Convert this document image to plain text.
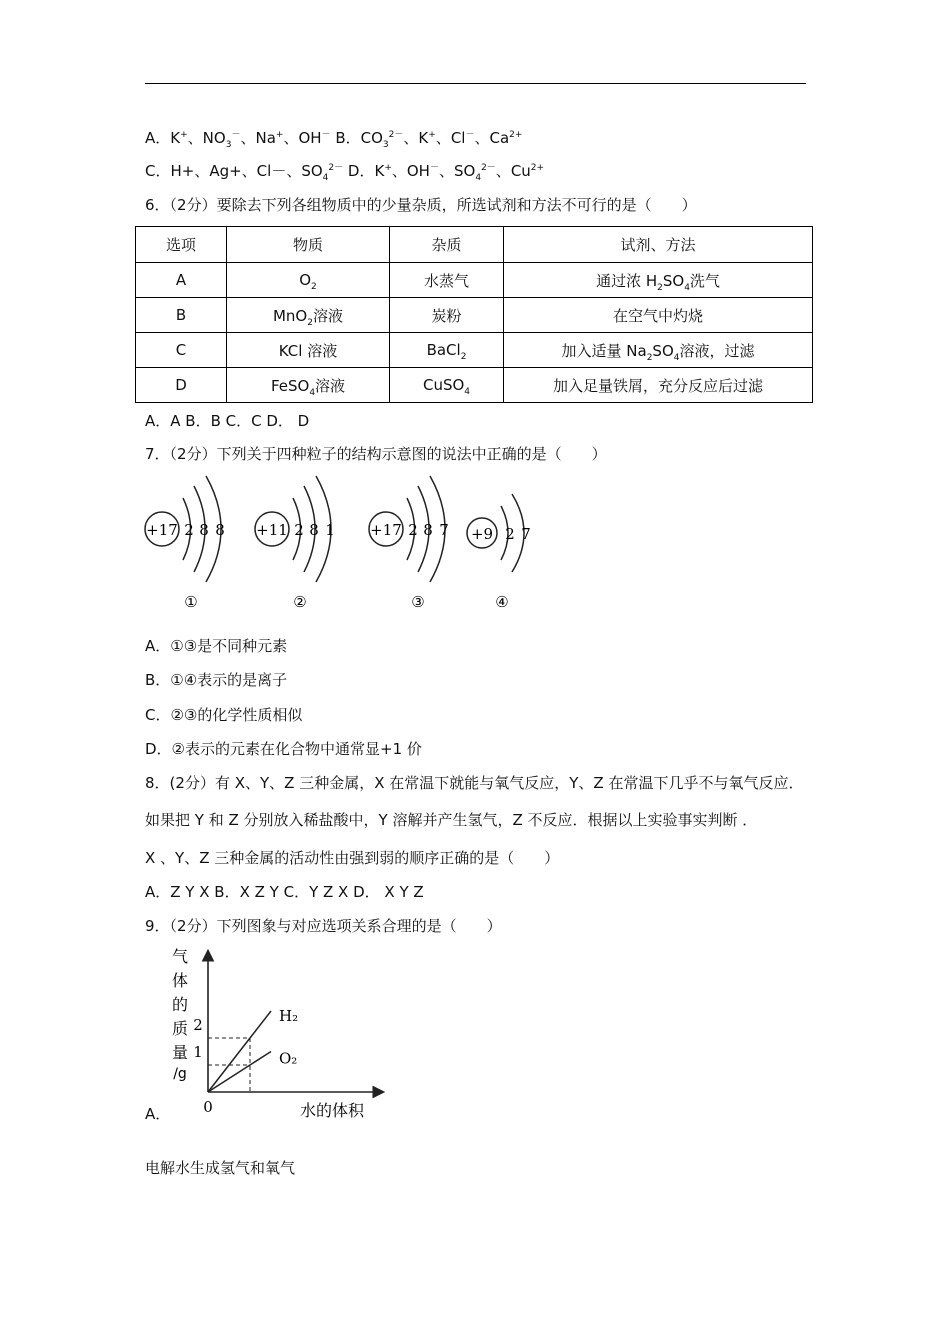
A．K+、$NO_3^-$、Na+、OH－ B．$CO_3^{2-}$、K+、Cl－、$Ca^{2+}$
C．H+、Ag+、Cl－、$SO_4^{2-}$ D．K+、OH－、$SO_4^{2-}$、$Cu^{2+}$
6．（2分）要除去下列各组物质中的少量杂质，所选试剂和方法不可行的是（　　）
选项	物质	杂质	试剂、方法
A	$O_2$	水蒸气	通过浓 $H_2SO_4$洗气
B	MnO$_2$溶液	炭粉	在空气中灼烧
C	KCl 溶液	BaCl$_2$	加入适量 $Na_2SO_4$溶液，过滤
D	FeSO$_4$溶液	CuSO$_4$	加入足量铁屑，充分反应后过滤
A．A B．B C．C D． D
7．（2分）下列关于四种粒子的结构示意图的说法中正确的是（　　）
+17 2 8 8
①
+11 2 8 1
②
+17 2 8 7
③
+9 2 7
④
A．①③是不同种元素
B．①④表示的是离子
C．②③的化学性质相似
D．②表示的元素在化合物中通常显+1 价
8．(2分）有 X、Y、Z 三种金属，X 在常温下就能与氧气反应，Y、Z 在常温下几乎不与氧气反应．
如果把 Y 和 Z 分别放入稀盐酸中，Y 溶解并产生氢气，Z 不反应．根据以上实验事实判断 ．
X 、Y、Z 三种金属的活动性由强到弱的顺序正确的是（　　）
A．Z Y X B．X Z Y C．Y Z X D． X Y Z
9．（2分）下列图象与对应选项关系合理的是（　　）
气
体
的
质
量
/g
2
1
0	水的体积
H₂
O₂
A．
电解水生成氢气和氧气
